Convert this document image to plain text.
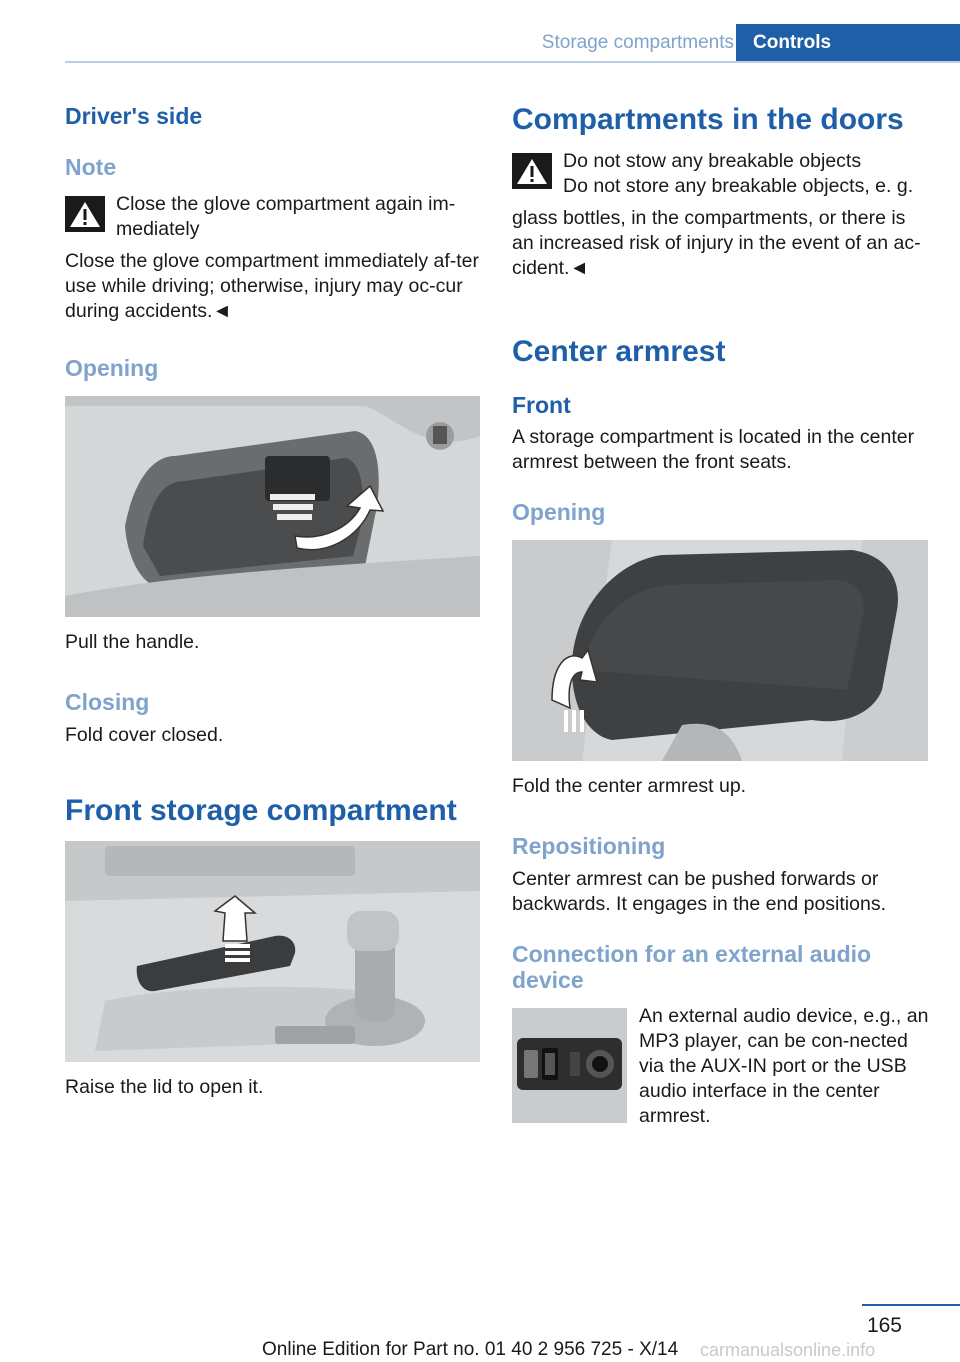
Storage compartments	Controls
Driver's side
Note

Close the glove compartment again im-

mediately

Close the glove compartment immediately af-ter use while driving; otherwise, injury may oc-cur during accidents.◄

Opening

Pull the handle.

Closing

Fold cover closed.

Front storage compartment

Raise the lid to open it.

Compartments in the doors

Do not stow any breakable objects

Do not store any breakable objects, e. g.

glass bottles, in the compartments, or there is an increased risk of injury in the event of an ac-cident.◄

Center armrest
Front

A storage compartment is located in the center armrest between the front seats.

Opening

Fold the center armrest up.

Repositioning

Center armrest can be pushed forwards or backwards. It engages in the end positions.

Connection for an external audio device

An external audio device, e.g., an MP3 player, can be con-nected via the AUX-IN port or the USB audio interface in the center armrest.

165
Online Edition for Part no. 01 40 2 956 725 - X/14 carmanualsonline.info
